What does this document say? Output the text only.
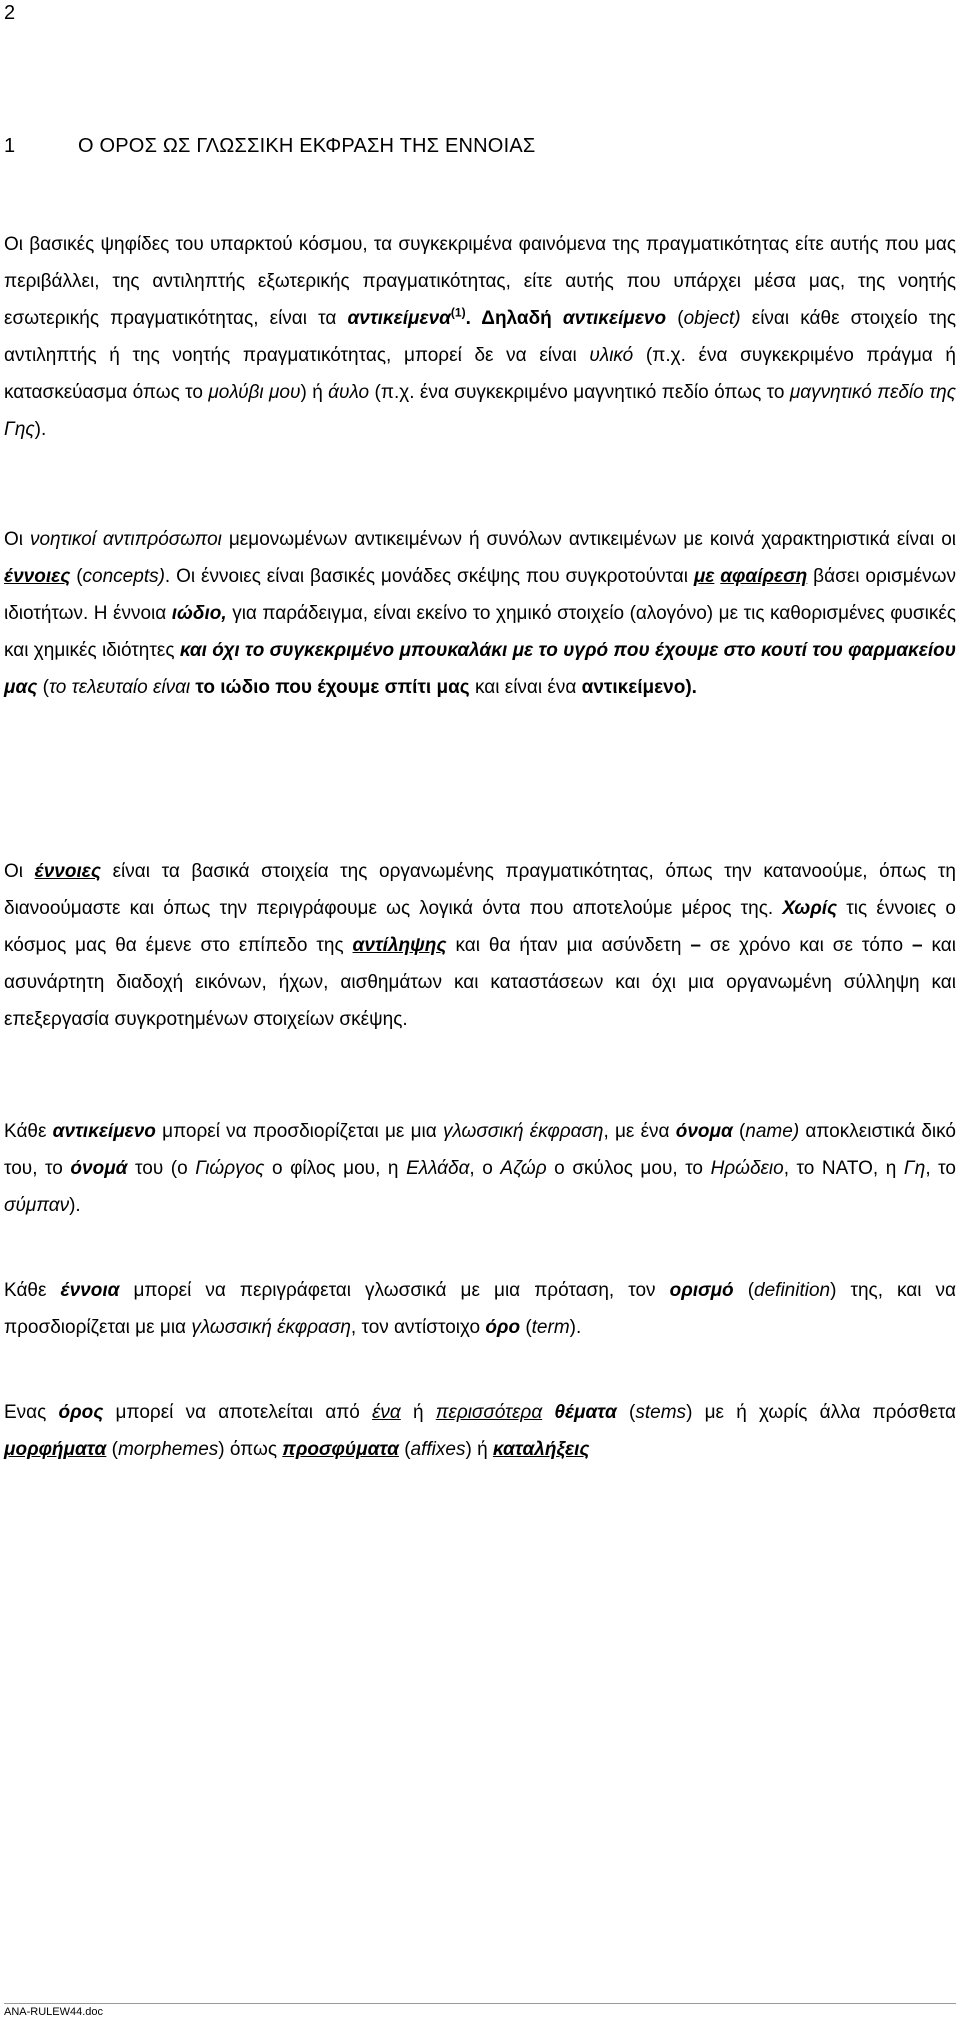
2
1	Ο ΟΡΟΣ ΩΣ ΓΛΩΣΣΙΚΗ ΕΚΦΡΑΣΗ ΤΗΣ ΕΝΝΟΙΑΣ

Οι βασικές ψηφίδες του υπαρκτού κόσμου, τα συγκεκριμένα φαινόμενα της πραγματικότητας είτε αυτής που μας περιβάλλει, της αντιληπτής εξωτερικής πραγματικότητας, είτε αυτής που υπάρχει μέσα μας, της νοητής εσωτερικής πραγματικότητας, είναι τα αντικείμενα$^{(1)}$. Δηλαδή αντικείμενο (object) είναι κάθε στοιχείο της αντιληπτής ή της νοητής πραγματικότητας, μπορεί δε να είναι υλικό (π.χ. ένα συγκεκριμένο πράγμα ή κατασκεύασμα όπως το μολύβι μου) ή άυλο (π.χ. ένα συγκεκριμένο μαγνητικό πεδίο όπως το μαγνητικό πεδίο της Γης).

Οι νοητικοί αντιπρόσωποι μεμονωμένων αντικειμένων ή συνόλων αντικειμένων με κοινά χαρακτηριστικά είναι οι έννοιες (concepts). Οι έννοιες είναι βασικές μονάδες σκέψης που συγκροτούνται με αφαίρεση βάσει ορισμένων ιδιοτήτων. Η έννοια ιώδιο, για παράδειγμα, είναι εκείνο το χημικό στοιχείο (αλογόνο) με τις καθορισμένες φυσικές και χημικές ιδιότητες και όχι το συγκεκριμένο μπουκαλάκι με το υγρό που έχουμε στο κουτί του φαρμακείου μας (το τελευταίο είναι το ιώδιο που έχουμε σπίτι μας και είναι ένα αντικείμενο).

Οι έννοιες είναι τα βασικά στοιχεία της οργανωμένης πραγματικότητας, όπως την κατανοούμε, όπως τη διανοούμαστε και όπως την περιγράφουμε ως λογικά όντα που αποτελούμε μέρος της. Χωρίς τις έννοιες ο κόσμος μας θα έμενε στο επίπεδο της αντίληψης και θα ήταν μια ασύνδετη – σε χρόνο και σε τόπο – και ασυνάρτητη διαδοχή εικόνων, ήχων, αισθημάτων και καταστάσεων και όχι μια οργανωμένη σύλληψη και επεξεργασία συγκροτημένων στοιχείων σκέψης.

Κάθε αντικείμενο μπορεί να προσδιορίζεται με μια γλωσσική έκφραση, με ένα όνομα (name) αποκλειστικά δικό του, το όνομά του (ο Γιώργος ο φίλος μου, η Ελλάδα, ο Αζώρ ο σκύλος μου, το Ηρώδειο, το ΝΑΤΟ, η Γη, το σύμπαν).

Κάθε έννοια μπορεί να περιγράφεται γλωσσικά με μια πρόταση, τον ορισμό (definition) της, και να προσδιορίζεται με μια γλωσσική έκφραση, τον αντίστοιχο όρο (term).

Ενας όρος μπορεί να αποτελείται από ένα ή περισσότερα θέματα (stems) με ή χωρίς άλλα πρόσθετα μορφήματα (morphemes) όπως προσφύματα (affixes) ή καταλήξεις

ANA-RULEW44.doc
